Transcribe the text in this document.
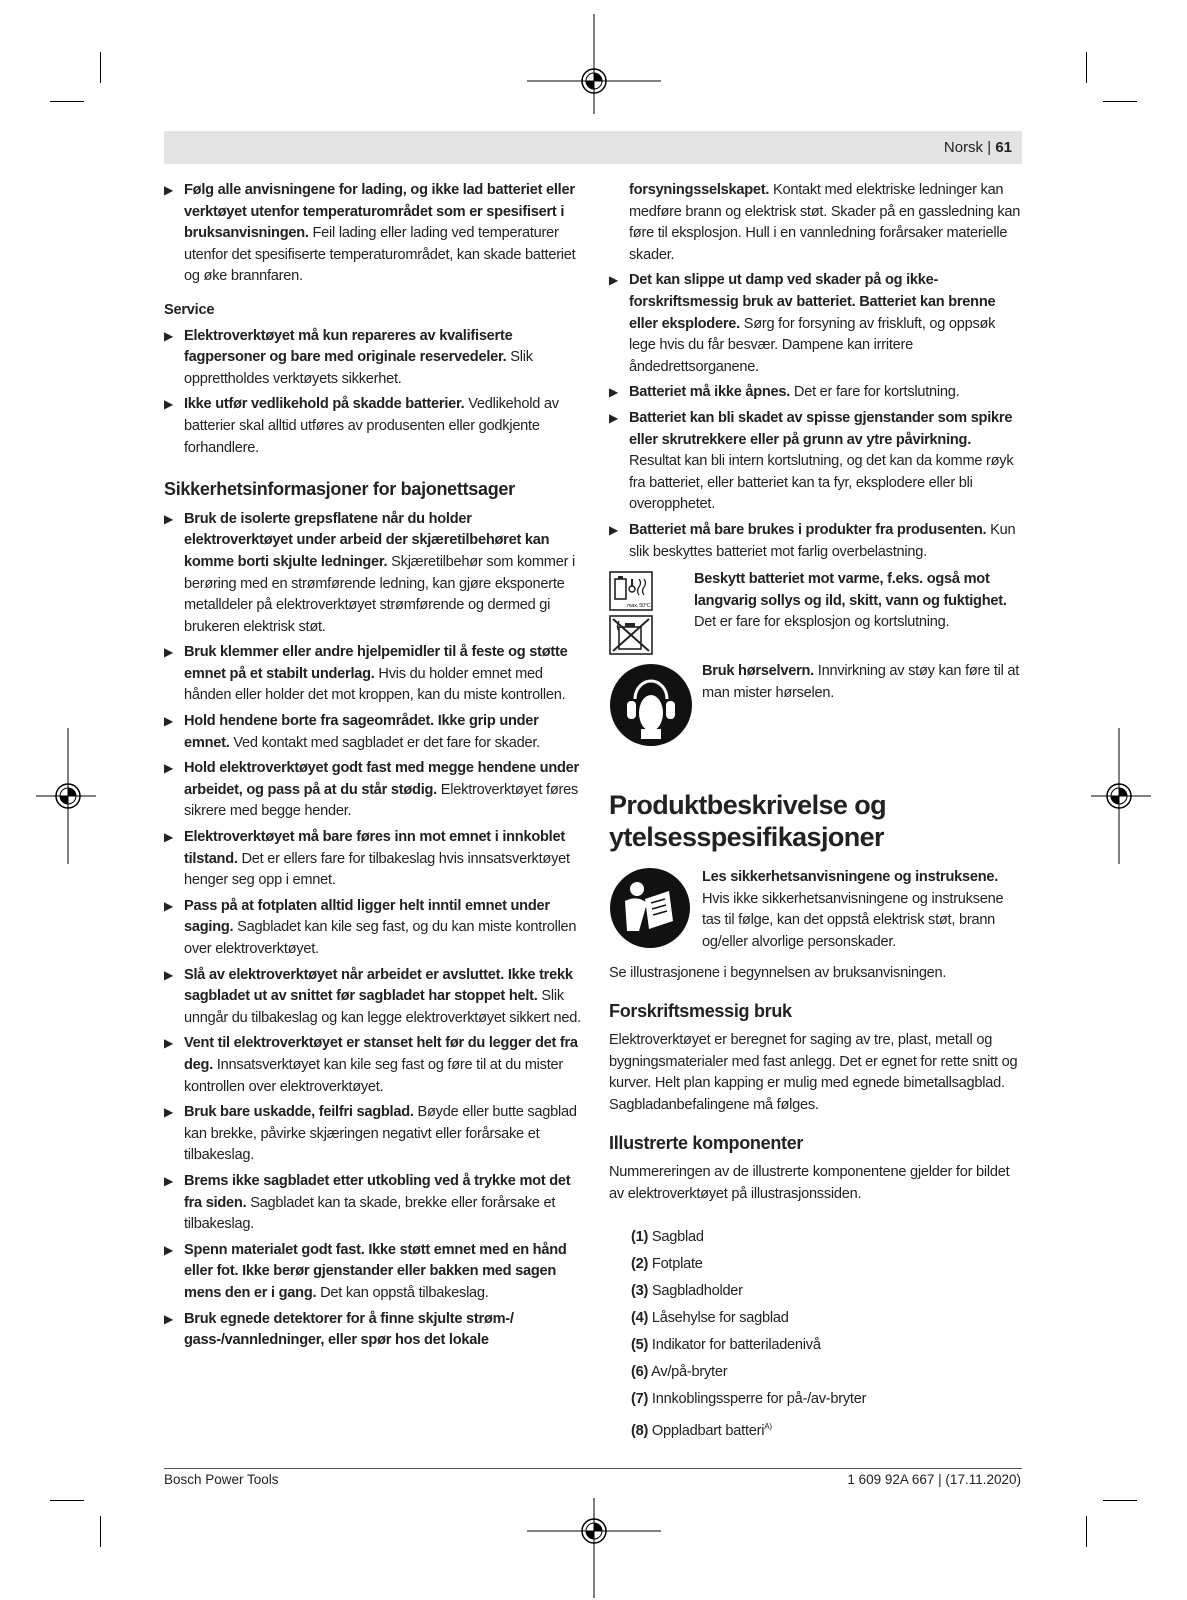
Norsk | 61
▶ Følg alle anvisningene for lading, og ikke lad batteriet eller verktøyet utenfor temperaturområdet som er spesifisert i bruksanvisningen. Feil lading eller lading ved temperaturer utenfor det spesifiserte temperaturområdet, kan skade batteriet og øke brannfaren.
Service
▶ Elektroverktøyet må kun repareres av kvalifiserte fagpersoner og bare med originale reservedeler. Slik opprettholdes verktøyets sikkerhet.
▶ Ikke utfør vedlikehold på skadde batterier. Vedlikehold av batterier skal alltid utføres av produsenten eller godkjente forhandlere.
Sikkerhetsinformasjoner for bajonettsager
▶ Bruk de isolerte grepsflatene når du holder elektroverktøyet under arbeid der skjæretilbehøret kan komme borti skjulte ledninger. Skjæretilbehør som kommer i berøring med en strømførende ledning, kan gjøre eksponerte metalldeler på elektroverktøyet strømførende og dermed gi brukeren elektrisk støt.
▶ Bruk klemmer eller andre hjelpemidler til å feste og støtte emnet på et stabilt underlag. Hvis du holder emnet med hånden eller holder det mot kroppen, kan du miste kontrollen.
▶ Hold hendene borte fra sageområdet. Ikke grip under emnet. Ved kontakt med sagbladet er det fare for skader.
▶ Hold elektroverktøyet godt fast med megge hendene under arbeidet, og pass på at du står stødig. Elektroverktøyet føres sikrere med begge hender.
▶ Elektroverktøyet må bare føres inn mot emnet i innkoblet tilstand. Det er ellers fare for tilbakeslag hvis innsatsverktøyet henger seg opp i emnet.
▶ Pass på at fotplaten alltid ligger helt inntil emnet under saging. Sagbladet kan kile seg fast, og du kan miste kontrollen over elektroverktøyet.
▶ Slå av elektroverktøyet når arbeidet er avsluttet. Ikke trekk sagbladet ut av snittet før sagbladet har stoppet helt. Slik unngår du tilbakeslag og kan legge elektroverktøyet sikkert ned.
▶ Vent til elektroverktøyet er stanset helt før du legger det fra deg. Innsatsverktøyet kan kile seg fast og føre til at du mister kontrollen over elektroverktøyet.
▶ Bruk bare uskadde, feilfri sagblad. Bøyde eller butte sagblad kan brekke, påvirke skjæringen negativt eller forårsake et tilbakeslag.
▶ Brems ikke sagbladet etter utkobling ved å trykke mot det fra siden. Sagbladet kan ta skade, brekke eller forårsake et tilbakeslag.
▶ Spenn materialet godt fast. Ikke støtt emnet med en hånd eller fot. Ikke berør gjenstander eller bakken med sagen mens den er i gang. Det kan oppstå tilbakeslag.
▶ Bruk egnede detektorer for å finne skjulte strøm-/ gass-/vannledninger, eller spør hos det lokale
forsyningsselskapet. Kontakt med elektriske ledninger kan medføre brann og elektrisk støt. Skader på en gassledning kan føre til eksplosjon. Hull i en vannledning forårsaker materielle skader.
▶ Det kan slippe ut damp ved skader på og ikke-forskriftsmessig bruk av batteriet. Batteriet kan brenne eller eksplodere. Sørg for forsyning av friskluft, og oppsøk lege hvis du får besvær. Dampene kan irritere åndedrettsorganene.
▶ Batteriet må ikke åpnes. Det er fare for kortslutning.
▶ Batteriet kan bli skadet av spisse gjenstander som spikre eller skrutrekkere eller på grunn av ytre påvirkning. Resultat kan bli intern kortslutning, og det kan da komme røyk fra batteriet, eller batteriet kan ta fyr, eksplodere eller bli overopphetet.
▶ Batteriet må bare brukes i produkter fra produsenten. Kun slik beskyttes batteriet mot farlig overbelastning.
max. 50°C
Beskytt batteriet mot varme, f.eks. også mot langvarig sollys og ild, skitt, vann og fuktighet. Det er fare for eksplosjon og kortslutning.
Bruk hørselvern. Innvirkning av støy kan føre til at man mister hørselen.
Produktbeskrivelse og ytelsesspesifikasjoner
Les sikkerhetsanvisningene og instruksene. Hvis ikke sikkerhetsanvisningene og instruksene tas til følge, kan det oppstå elektrisk støt, brann og/eller alvorlige personskader.
Se illustrasjonene i begynnelsen av bruksanvisningen.
Forskriftsmessig bruk
Elektroverktøyet er beregnet for saging av tre, plast, metall og bygningsmaterialer med fast anlegg. Det er egnet for rette snitt og kurver. Helt plan kapping er mulig med egnede bimetallsagblad. Sagbladanbefalingene må følges.
Illustrerte komponenter
Nummereringen av de illustrerte komponentene gjelder for bildet av elektroverktøyet på illustrasjonssiden.
(1) Sagblad
(2) Fotplate
(3) Sagbladholder
(4) Låsehylse for sagblad
(5) Indikator for batteriladenivå
(6) Av/på-bryter
(7) Innkoblingssperre for på-/av-bryter
(8) Oppladbart batteri$^{A)}$
Bosch Power Tools	1 609 92A 667 | (17.11.2020)
